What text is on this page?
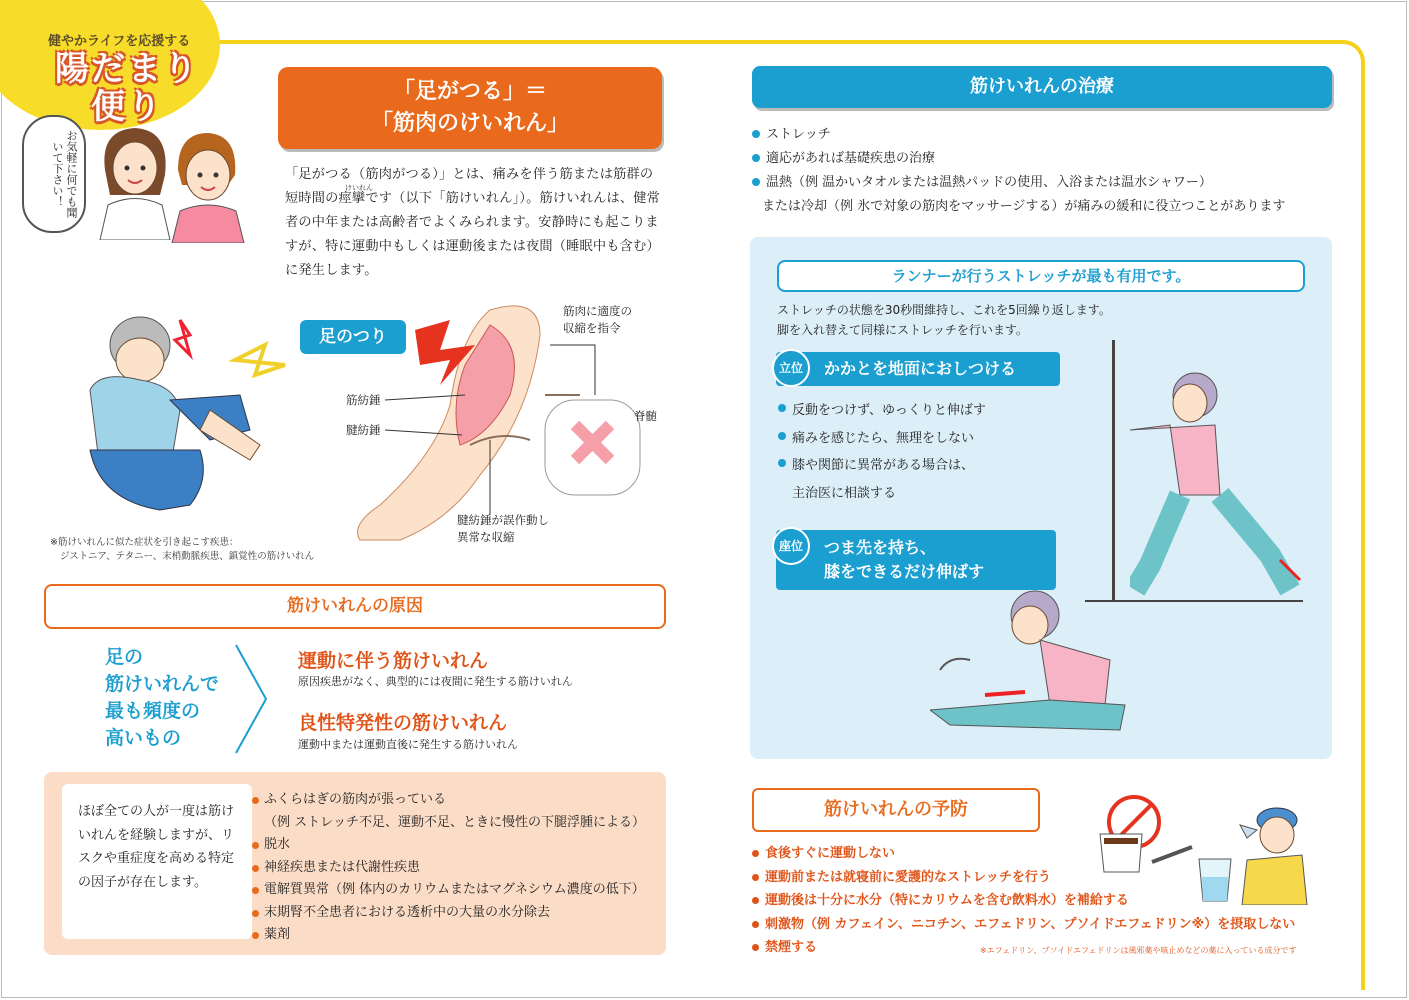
健やかライフを応援する
陽だまり
便り
お気軽に何でも聞いて下さい！
「足がつる」＝
「筋肉のけいれん」
けいれん
「足がつる（筋肉がつる）」とは、痛みを伴う筋または筋群の短時間の痙攣です（以下「筋けいれん」）。筋けいれんは、健常者の中年または高齢者でよくみられます。安静時にも起こりますが、特に運動中もしくは運動後または夜間（睡眠中も含む）に発生します。
※筋けいれんに似た症状を引き起こす疾患：
ジストニア、テタニー、末梢動脈疾患、鎮覚性の筋けいれん
足のつり
筋紡錘
腱紡錘
筋肉に適度の
収縮を指令
脊髄
腱紡錘が誤作動し
異常な収縮
筋けいれんの原因
足の
筋けいれんで
最も頻度の
高いもの
運動に伴う筋けいれん
原因疾患がなく、典型的には夜間に発生する筋けいれん
良性特発性の筋けいれん
運動中または運動直後に発生する筋けいれん
ほぼ全ての人が一度は筋けいれんを経験しますが、リスクや重症度を高める特定の因子が存在します。
ふくらはぎの筋肉が張っている
（例 ストレッチ不足、運動不足、ときに慢性の下腿浮腫による）
脱水
神経疾患または代謝性疾患
電解質異常（例 体内のカリウムまたはマグネシウム濃度の低下）
末期腎不全患者における透析中の大量の水分除去
薬剤
筋けいれんの治療
ストレッチ
適応があれば基礎疾患の治療
温熱（例 温かいタオルまたは温熱パッドの使用、入浴または温水シャワー）
または冷却（例 氷で対象の筋肉をマッサージする）が痛みの緩和に役立つことがあります
ランナーが行うストレッチが最も有用です。
ストレッチの状態を30秒間維持し、これを5回繰り返します。
脚を入れ替えて同様にストレッチを行います。
立位	かかとを地面におしつける
反動をつけず、ゆっくりと伸ばす
痛みを感じたら、無理をしない
膝や関節に異常がある場合は、
主治医に相談する
座位	つま先を持ち、
膝をできるだけ伸ばす
筋けいれんの予防
食後すぐに運動しない
運動前または就寝前に愛護的なストレッチを行う
運動後は十分に水分（特にカリウムを含む飲料水）を補給する
刺激物（例 カフェイン、ニコチン、エフェドリン、プソイドエフェドリン※）を摂取しない
禁煙する	※エフェドリン、プソイドエフェドリンは風邪薬や咳止めなどの薬に入っている成分です
